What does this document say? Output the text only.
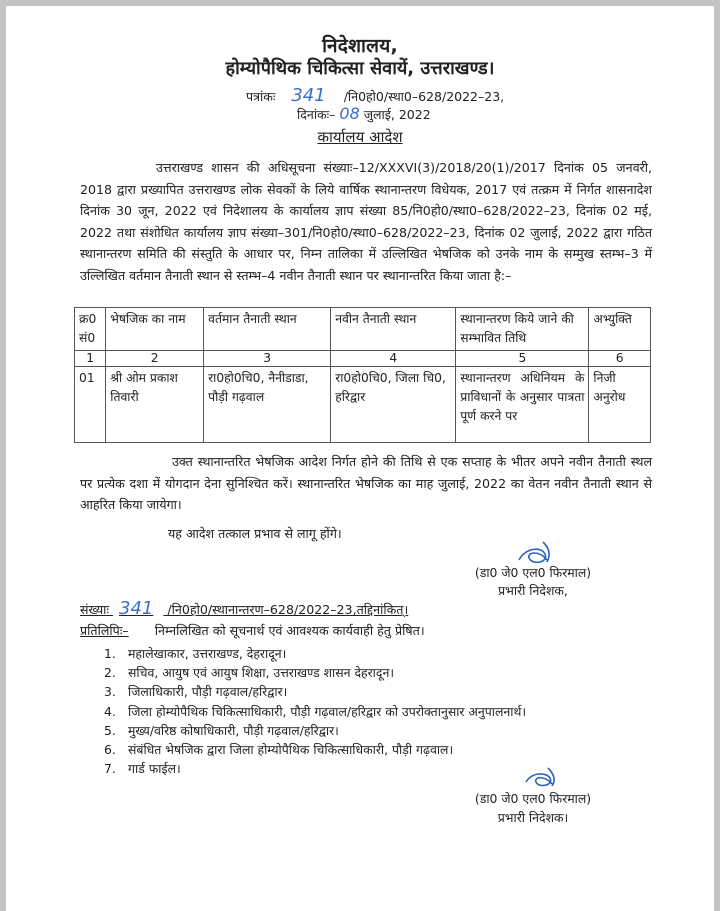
निदेशालय,
होम्योपैथिक चिकित्सा सेवायें, उत्तराखण्ड।
पत्रांकः 341 /नि0हो0/स्था0–628/2022–23,
दिनांकः– 08 जुलाई, 2022
कार्यालय आदेश
उत्तराखण्ड शासन की अधिसूचना संख्याः–12/XXXVI(3)/2018/20(1)/2017 दिनांक 05 जनवरी, 2018 द्वारा प्रख्यापित उत्तराखण्ड लोक सेवकों के लिये वार्षिक स्थानान्तरण विधेयक, 2017 एवं तत्क्रम में निर्गत शासनादेश दिनांक 30 जून, 2022 एवं निदेशालय के कार्यालय ज्ञाप संख्या 85/नि0हो0/स्था0–628/2022–23, दिनांक 02 मई, 2022 तथा संशोधित कार्यालय ज्ञाप संख्या–301/नि0हो0/स्था0–628/2022–23, दिनांक 02 जुलाई, 2022 द्वारा गठित स्थानान्तरण समिति की संस्तुति के आधार पर, निम्न तालिका में उल्लिखित भेषजिक को उनके नाम के सम्मुख स्तम्भ–3 में उल्लिखित वर्तमान तैनाती स्थान से स्तम्भ–4 नवीन तैनाती स्थान पर स्थानान्तरित किया जाता है:–
क्र0 सं0	भेषजिक का नाम	वर्तमान तैनाती स्थान	नवीन तैनाती स्थान	स्थानान्तरण किये जाने की सम्भावित तिथि	अभ्युक्ति
1	2	3	4	5	6
01	श्री ओम प्रकाश तिवारी	रा0हो0चि0, नैनीडाडा, पौड़ी गढ़वाल	रा0हो0चि0, जिला चि0, हरिद्वार	स्थानान्तरण अधिनियम के प्राविधानों के अनुसार पात्रता पूर्ण करने पर	निजी अनुरोध
उक्त स्थानान्तरित भेषजिक आदेश निर्गत होने की तिथि से एक सप्ताह के भीतर अपने नवीन तैनाती स्थल पर प्रत्येक दशा में योगदान देना सुनिश्चित करें। स्थानान्तरित भेषजिक का माह जुलाई, 2022 का वेतन नवीन तैनाती स्थान से आहरित किया जायेगा।
यह आदेश तत्काल प्रभाव से लागू होंगे।
(डा0 जे0 एल0 फिरमाल)
प्रभारी निदेशक,
संख्याः 341 /नि0हो0/स्थानान्तरण–628/2022–23,तद्दिनांकित्।
प्रतिलिपिः– निम्नलिखित को सूचनार्थ एवं आवश्यक कार्यवाही हेतु प्रेषित।
1. महालेखाकार, उत्तराखण्ड, देहरादून।
2. सचिव, आयुष एवं आयुष शिक्षा, उत्तराखण्ड शासन देहरादून।
3. जिलाधिकारी, पौड़ी गढ़वाल/हरिद्वार।
4. जिला होम्योपैथिक चिकित्साधिकारी, पौड़ी गढ़वाल/हरिद्वार को उपरोक्तानुसार अनुपालनार्थ।
5. मुख्य/वरिष्ठ कोषाधिकारी, पौड़ी गढ़वाल/हरिद्वार।
6. संबंधित भेषजिक द्वारा जिला होम्योपैथिक चिकित्साधिकारी, पौड़ी गढ़वाल।
7. गार्ड फाईल।
(डा0 जे0 एल0 फिरमाल)
प्रभारी निदेशक।
